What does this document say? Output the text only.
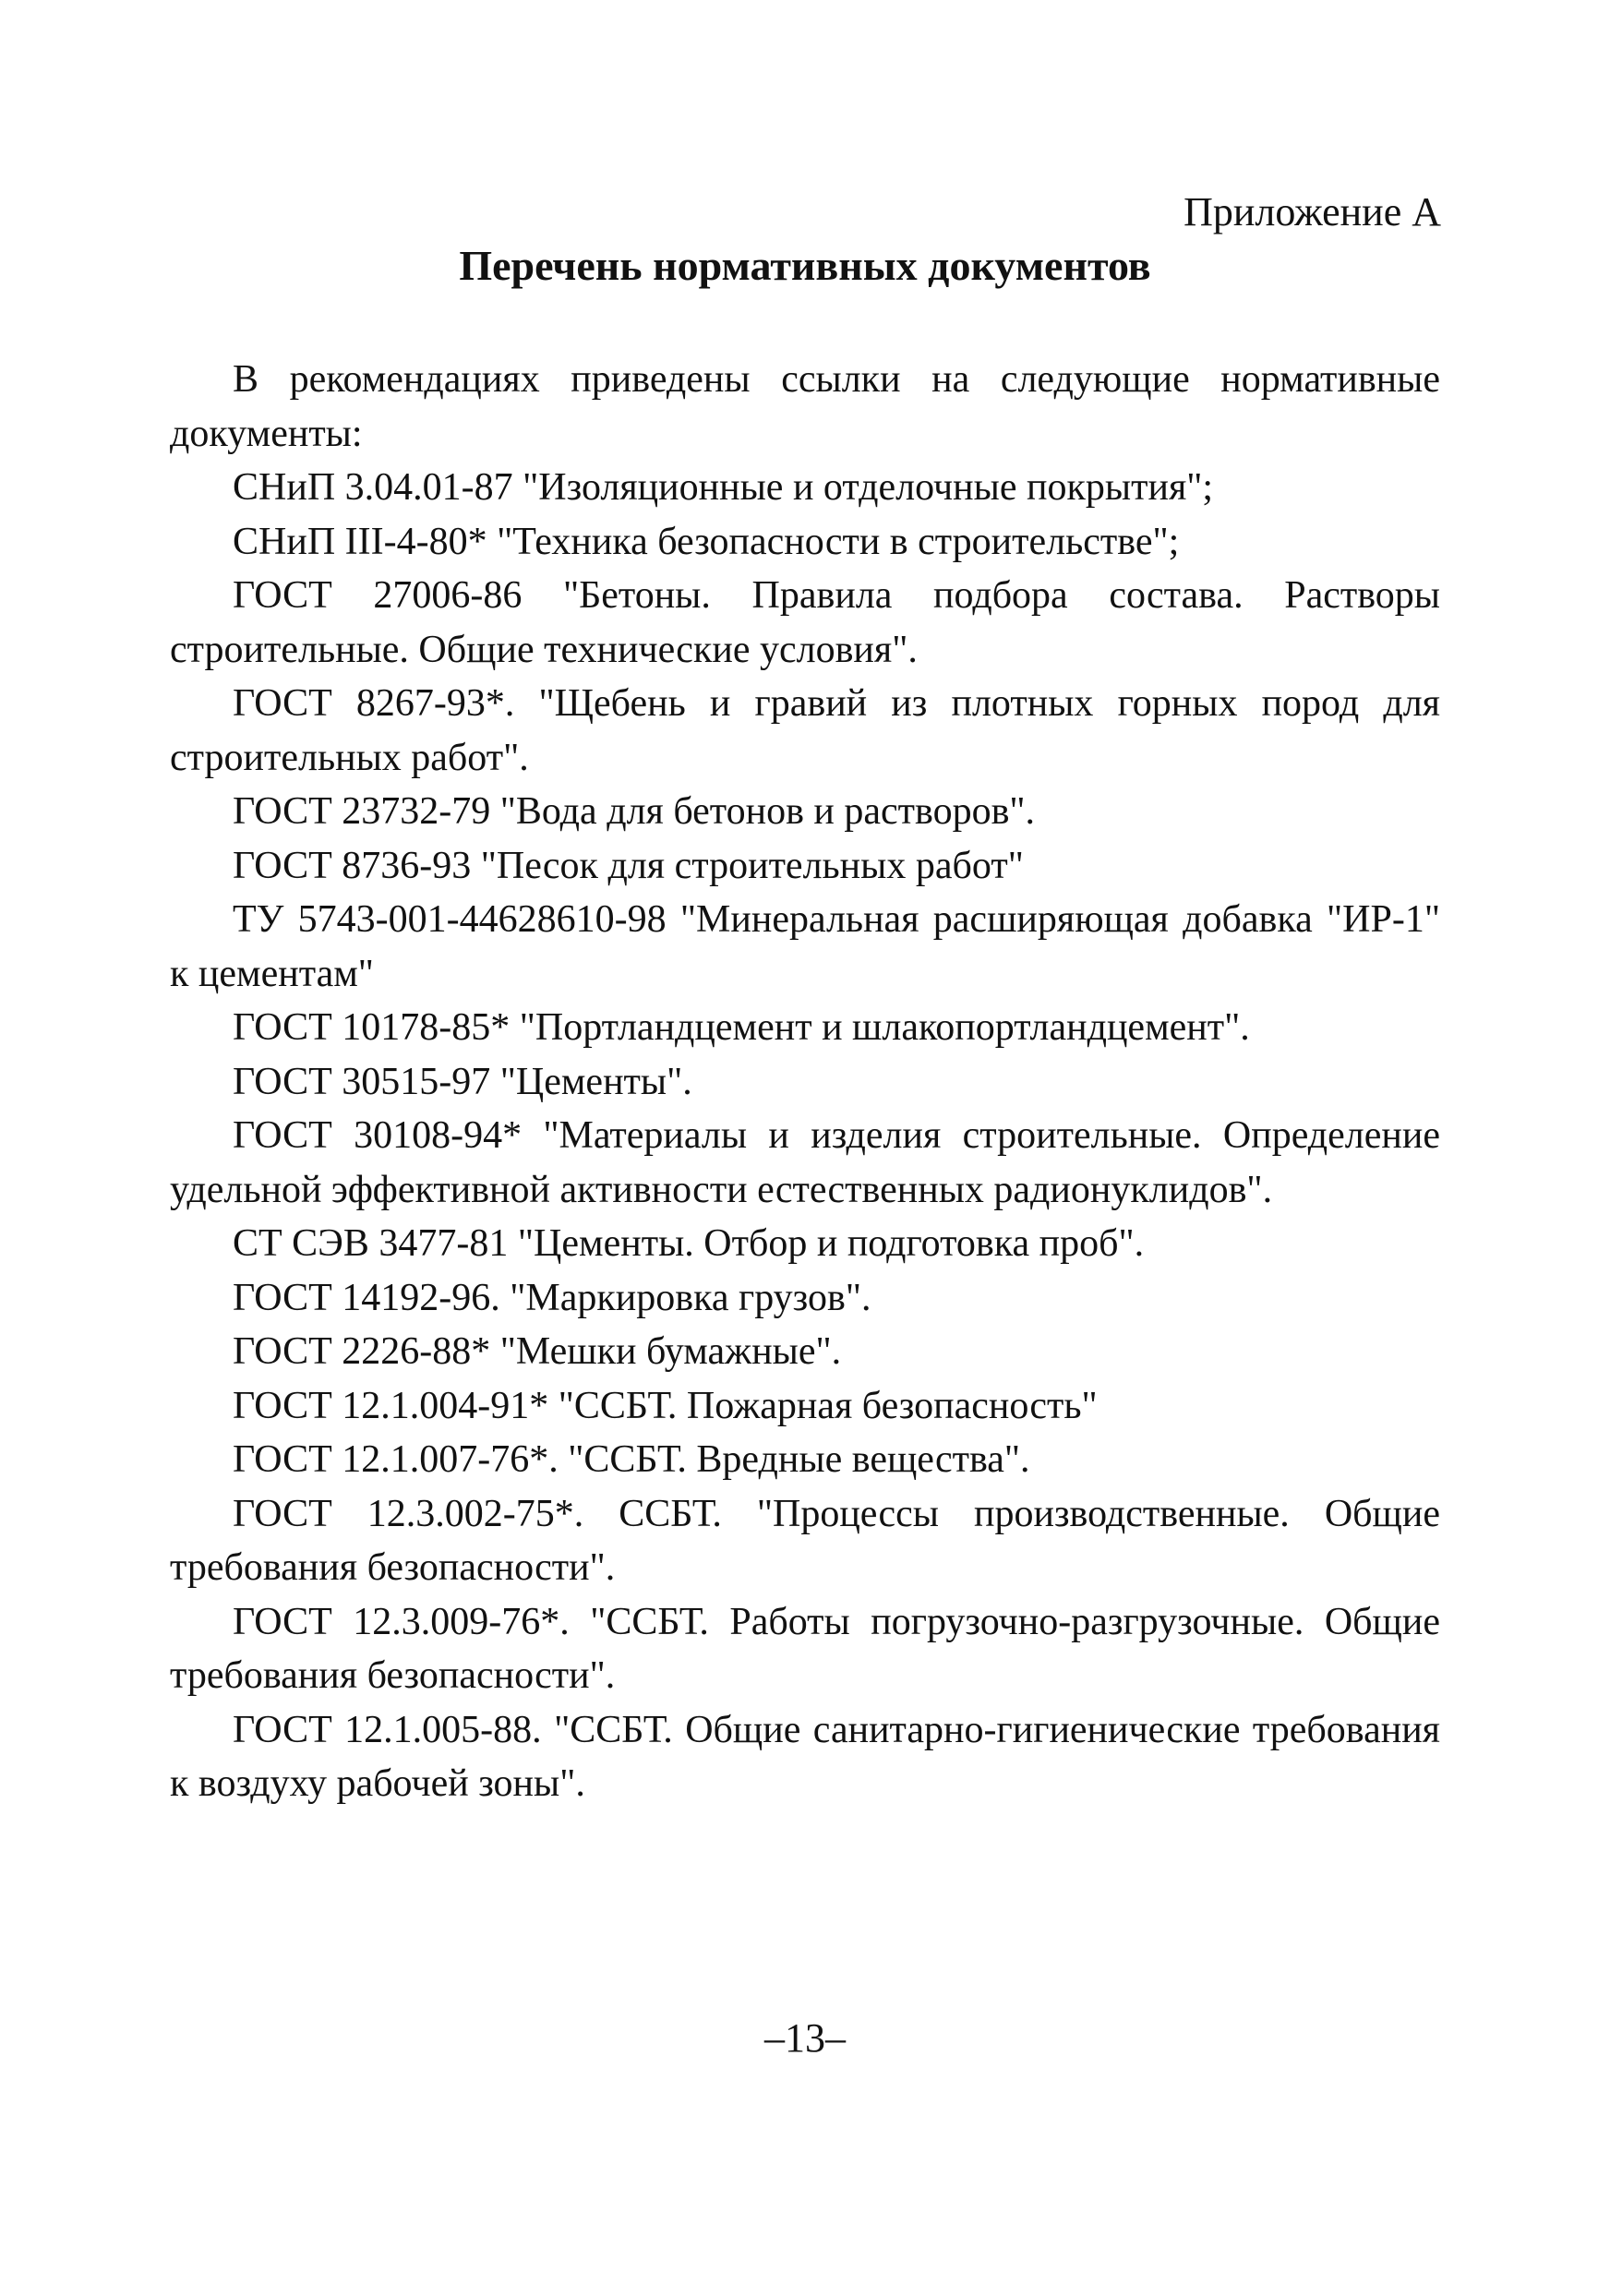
Приложение А
Перечень нормативных документов

В рекомендациях приведены ссылки на следующие нормативные документы:

СНиП 3.04.01-87 "Изоляционные и отделочные покрытия";

СНиП III-4-80* "Техника безопасности в строительстве";

ГОСТ 27006-86 "Бетоны. Правила подбора состава. Растворы строительные. Общие технические условия".

ГОСТ 8267-93*. "Щебень и гравий из плотных горных пород для строительных работ".

ГОСТ 23732-79 "Вода для бетонов и растворов".

ГОСТ 8736-93 "Песок для строительных работ"

ТУ 5743-001-44628610-98 "Минеральная расширяющая добавка "ИР-1" к цементам"

ГОСТ 10178-85* "Портландцемент и шлакопортландцемент".

ГОСТ 30515-97 "Цементы".

ГОСТ 30108-94* "Материалы и изделия строительные. Определение удельной эффективной активности естественных радионуклидов".

СТ СЭВ 3477-81 "Цементы. Отбор и подготовка проб".

ГОСТ 14192-96. "Маркировка грузов".

ГОСТ 2226-88* "Мешки бумажные".

ГОСТ 12.1.004-91* "ССБТ. Пожарная безопасность"

ГОСТ 12.1.007-76*. "ССБТ. Вредные вещества".

ГОСТ 12.3.002-75*. ССБТ. "Процессы производственные. Общие требования безопасности".

ГОСТ 12.3.009-76*. "ССБТ. Работы погрузочно-разгрузочные. Общие требования безопасности".

ГОСТ 12.1.005-88. "ССБТ. Общие санитарно-гигиенические требования к воздуху рабочей зоны".

–13–
